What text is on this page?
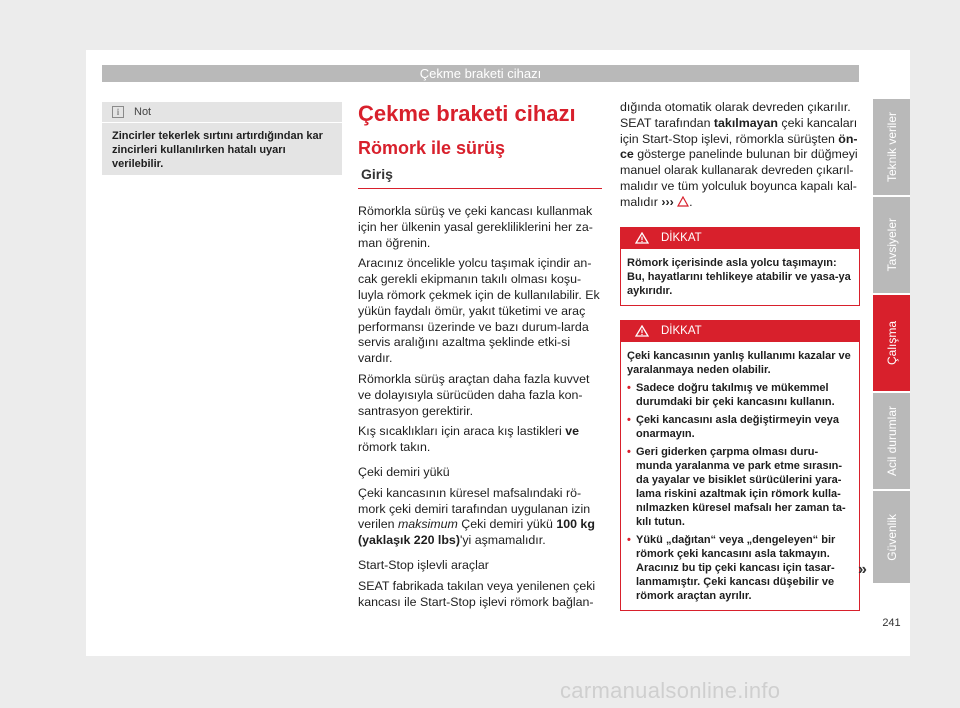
Çekme braketi cihazı
i	Not
Zincirler tekerlek sırtını artırdığından kar zincirleri kullanılırken hatalı uyarı verilebilir.
Çekme braketi cihazı
Römork ile sürüş
Giriş

Römorkla sürüş ve çeki kancası kullanmak için her ülkenin yasal gerekliliklerini her za-man öğrenin.

Aracınız öncelikle yolcu taşımak içindir an-cak gerekli ekipmanın takılı olması koşu-luyla römork çekmek için de kullanılabilir. Ek yükün faydalı ömür, yakıt tüketimi ve araç performansı üzerinde ve bazı durum-larda servis aralığını azaltma şeklinde etki-si vardır.

Römorkla sürüş araçtan daha fazla kuvvet ve dolayısıyla sürücüden daha fazla kon-santrasyon gerektirir.

Kış sıcaklıkları için araca kış lastikleri ve römork takın.

Çeki demiri yükü

Çeki kancasının küresel mafsalındaki rö-mork çeki demiri tarafından uygulanan izin verilen maksimum Çeki demiri yükü 100 kg (yaklaşık 220 lbs)'yi aşmamalıdır.

Start-Stop işlevli araçlar

SEAT fabrikada takılan veya yenilenen çeki kancası ile Start-Stop işlevi römork bağlan-

dığında otomatik olarak devreden çıkarılır. SEAT tarafından takılmayan çeki kancaları için Start-Stop işlevi, römorkla sürüşten ön-ce gösterge panelinde bulunan bir düğmeyi manuel olarak kullanarak devreden çıkarıl-malıdır ve tüm yolculuk boyunca kapalı kal-malıdır ››› .

DİKKAT
Römork içerisinde asla yolcu taşımayın: Bu, hayatlarını tehlikeye atabilir ve yasa-ya aykırıdır.
DİKKAT
Çeki kancasının yanlış kullanımı kazalar ve yaralanmaya neden olabilir.
• Sadece doğru takılmış ve mükemmel durumdaki bir çeki kancasını kullanın.
• Çeki kancasını asla değiştirmeyin veya onarmayın.
• Geri giderken çarpma olması duru-munda yaralanma ve park etme sırasın-da yayalar ve bisiklet sürücülerini yara-lama riskini azaltmak için römork kulla-nılmazken küresel mafsalı her zaman ta-kılı tutun.
• Yükü „dağıtan“ veya „dengeleyen“ bir römork çeki kancasını asla takmayın. Aracınız bu tip çeki kancası için tasar-lanmamıştır. Çeki kancası düşebilir ve römork araçtan ayrılır.
»
Teknik veriler
Tavsiyeler
Çalışma
Acil durumlar
Güvenlik
241
carmanualsonline.info
